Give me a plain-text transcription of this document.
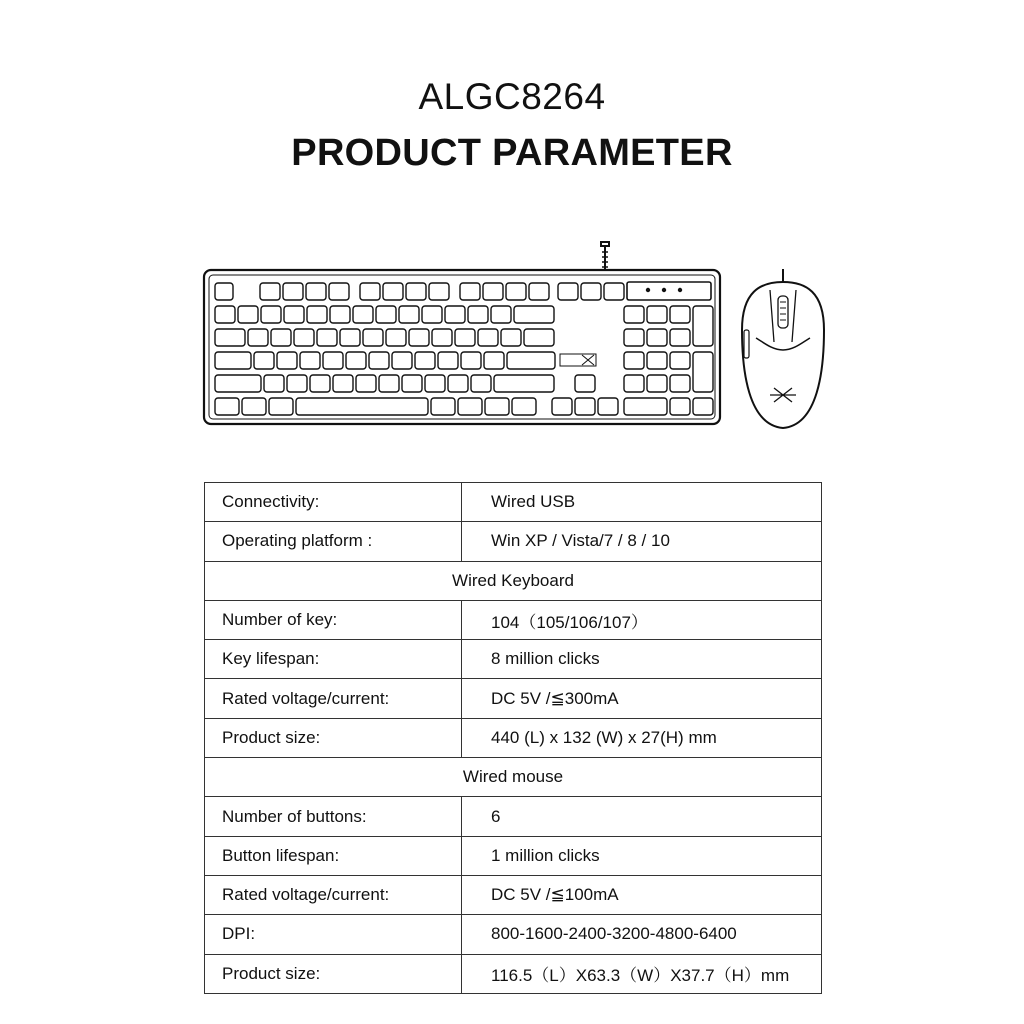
ALGC8264
PRODUCT PARAMETER
Connectivity:	Wired USB
Operating platform :	Win XP / Vista/7 / 8 / 10
Wired Keyboard	
Number of key:	104（105/106/107）
Key lifespan:	8 million clicks
Rated voltage/current:	DC 5V /≦300mA
Product size:	440 (L) x 132 (W) x 27(H) mm
Wired mouse	
Number of buttons:	6
Button lifespan:	1 million clicks
Rated voltage/current:	DC 5V /≦100mA
DPI:	800-1600-2400-3200-4800-6400
Product size:	116.5（L）X63.3（W）X37.7（H）mm
